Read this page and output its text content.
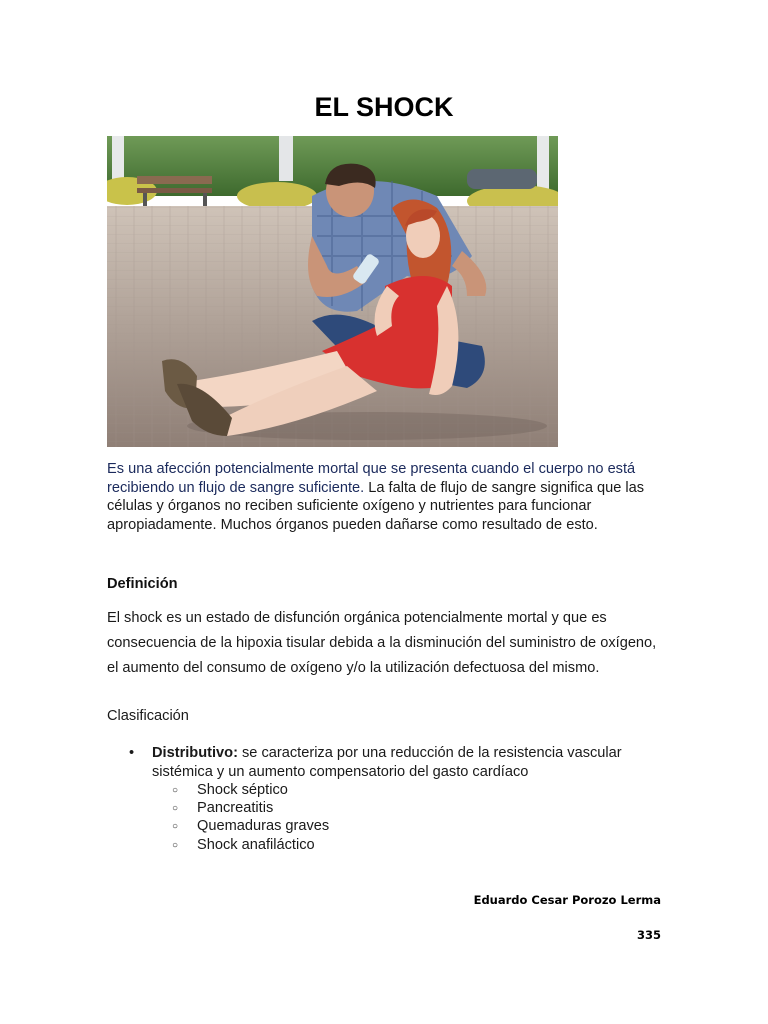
EL SHOCK

Es una afección potencialmente mortal que se presenta cuando el cuerpo no está recibiendo un flujo de sangre suficiente. La falta de flujo de sangre significa que las células y órganos no reciben suficiente oxígeno y nutrientes para funcionar apropiadamente. Muchos órganos pueden dañarse como resultado de esto.

Definición

El shock es un estado de disfunción orgánica potencialmente mortal y que es consecuencia de la hipoxia tisular debida a la disminución del suministro de oxígeno, el aumento del consumo de oxígeno y/o la utilización defectuosa del mismo.

Clasificación

• Distributivo: se caracteriza por una reducción de la resistencia vascular sistémica y un aumento compensatorio del gasto cardíaco

○ Shock séptico
○ Pancreatitis
○ Quemaduras graves
○ Shock anafiláctico
Eduardo Cesar Porozo Lerma
335
